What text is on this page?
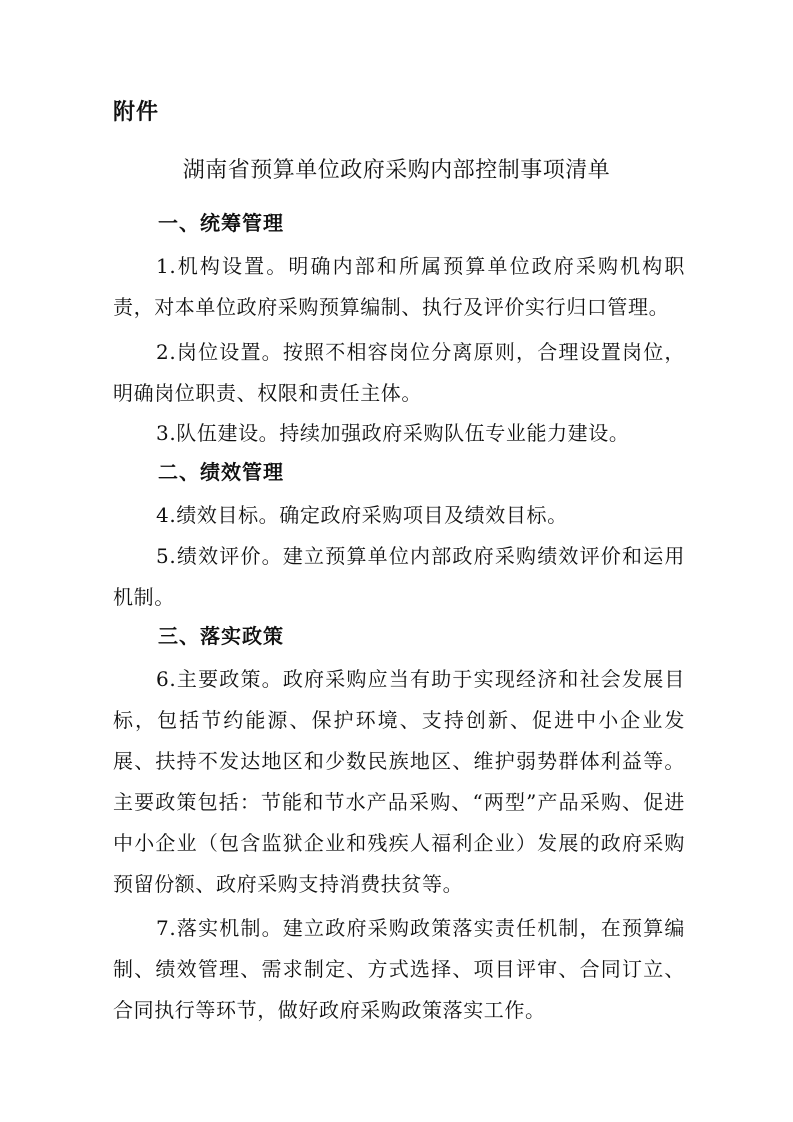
附件
湖南省预算单位政府采购内部控制事项清单
一、统筹管理
1.机构设置。明确内部和所属预算单位政府采购机构职责，对本单位政府采购预算编制、执行及评价实行归口管理。
2.岗位设置。按照不相容岗位分离原则，合理设置岗位，明确岗位职责、权限和责任主体。
3.队伍建设。持续加强政府采购队伍专业能力建设。
二、绩效管理
4.绩效目标。确定政府采购项目及绩效目标。
5.绩效评价。建立预算单位内部政府采购绩效评价和运用机制。
三、落实政策
6.主要政策。政府采购应当有助于实现经济和社会发展目标，包括节约能源、保护环境、支持创新、促进中小企业发展、扶持不发达地区和少数民族地区、维护弱势群体利益等。主要政策包括：节能和节水产品采购、“两型”产品采购、促进中小企业（包含监狱企业和残疾人福利企业）发展的政府采购预留份额、政府采购支持消费扶贫等。
7.落实机制。建立政府采购政策落实责任机制，在预算编制、绩效管理、需求制定、方式选择、项目评审、合同订立、合同执行等环节，做好政府采购政策落实工作。
